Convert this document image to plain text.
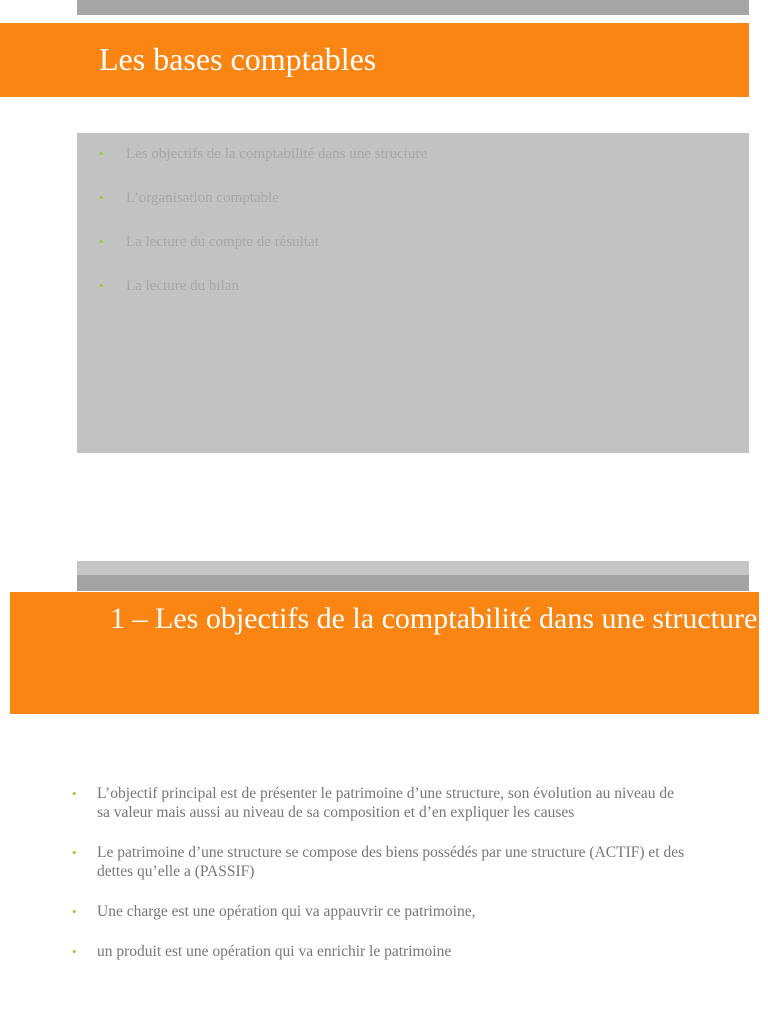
Les bases comptables
• Les objectifs de la comptabilité dans une structure
• L’organisation comptable
• La lecture du compte de résultat
• La lecture du bilan
1 – Les objectifs de la comptabilité dans une structure
• L’objectif principal est de présenter le patrimoine d’une structure, son évolution au niveau de sa valeur mais aussi au niveau de sa composition et d’en expliquer les causes
• Le patrimoine d’une structure se compose des biens possédés par une structure (ACTIF) et des dettes qu’elle a (PASSIF)
• Une charge est une opération qui va appauvrir ce patrimoine,
• un produit est une opération qui va enrichir le patrimoine
